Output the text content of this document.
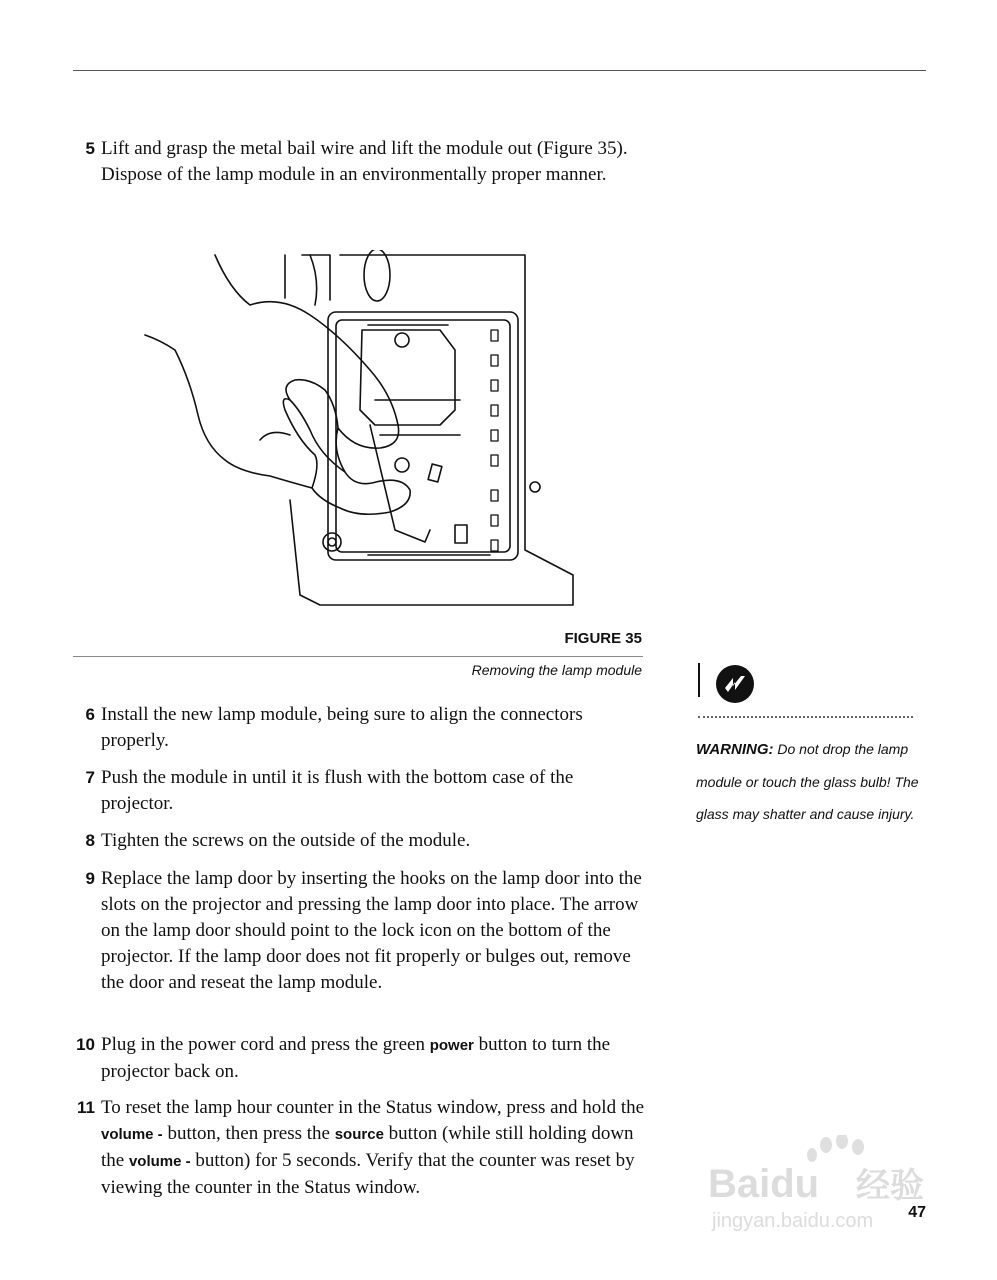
5 Lift and grasp the metal bail wire and lift the module out (Figure 35). Dispose of the lamp module in an environmentally proper manner.
FIGURE 35
Removing the lamp module
WARNING: Do not drop the lamp module or touch the glass bulb! The glass may shatter and cause injury.
6 Install the new lamp module, being sure to align the connectors properly.
7 Push the module in until it is flush with the bottom case of the projector.
8 Tighten the screws on the outside of the module.
9 Replace the lamp door by inserting the hooks on the lamp door into the slots on the projector and pressing the lamp door into place. The arrow on the lamp door should point to the lock icon on the bottom of the projector. If the lamp door does not fit properly or bulges out, remove the door and reseat the lamp module.
10 Plug in the power cord and press the green power button to turn the projector back on.
11 To reset the lamp hour counter in the Status window, press and hold the volume - button, then press the source button (while still holding down the volume - button) for 5 seconds. Verify that the counter was reset by viewing the counter in the Status window.	Baidu 经验
jingyan.baidu.com	47
